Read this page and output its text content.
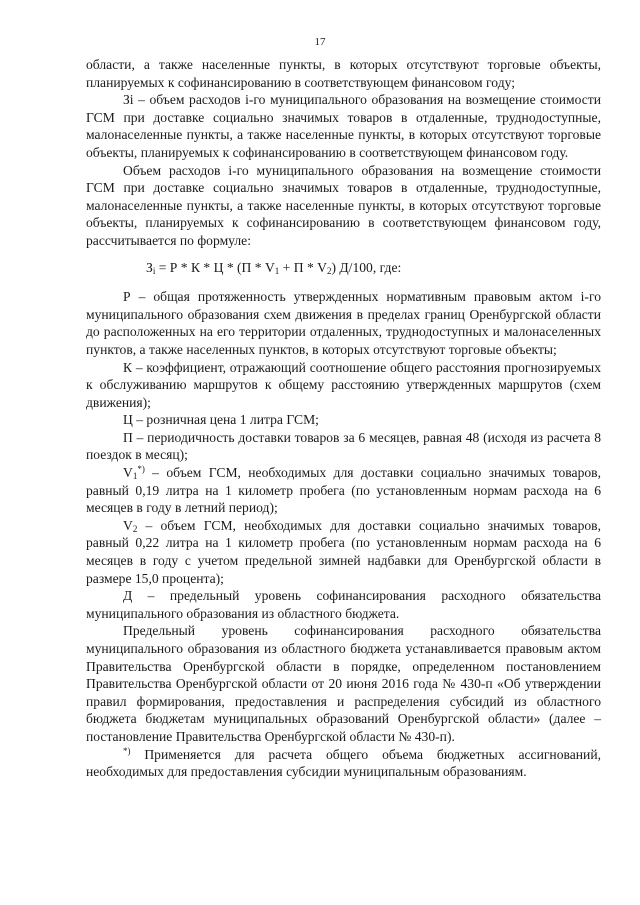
17

области, а также населенные пункты, в которых отсутствуют торговые объекты, планируемых к софинансированию в соответствующем финансовом году;

Зi – объем расходов i-го муниципального образования на возмещение стоимости ГСМ при доставке социально значимых товаров в отдаленные, труднодоступные, малонаселенные пункты, а также населенные пункты, в которых отсутствуют торговые объекты, планируемых к софинансированию в соответствующем финансовом году.

Объем расходов i-го муниципального образования на возмещение стоимости ГСМ при доставке социально значимых товаров в отдаленные, труднодоступные, малонаселенные пункты, а также населенные пункты, в которых отсутствуют торговые объекты, планируемых к софинансированию в соответствующем финансовом году, рассчитывается по формуле:

$З_i = Р * К * Ц * (П * V_1 + П * V_2)$ Д/100, где:

Р – общая протяженность утвержденных нормативным правовым актом i-го муниципального образования схем движения в пределах границ Оренбургской области до расположенных на его территории отдаленных, труднодоступных и малонаселенных пунктов, а также населенных пунктов, в которых отсутствуют торговые объекты;

К – коэффициент, отражающий соотношение общего расстояния прогнозируемых к обслуживанию маршрутов к общему расстоянию утвержденных маршрутов (схем движения);

Ц – розничная цена 1 литра ГСМ;

П – периодичность доставки товаров за 6 месяцев, равная 48 (исходя из расчета 8 поездок в месяц);

$V_1^{*)}$ – объем ГСМ, необходимых для доставки социально значимых товаров, равный 0,19 литра на 1 километр пробега (по установленным нормам расхода на 6 месяцев в году в летний период);

$V_2$ – объем ГСМ, необходимых для доставки социально значимых товаров, равный 0,22 литра на 1 километр пробега (по установленным нормам расхода на 6 месяцев в году с учетом предельной зимней надбавки для Оренбургской области в размере 15,0 процента);

Д – предельный уровень софинансирования расходного обязательства муниципального образования из областного бюджета.

Предельный уровень софинансирования расходного обязательства муниципального образования из областного бюджета устанавливается правовым актом Правительства Оренбургской области в порядке, определенном постановлением Правительства Оренбургской области от 20 июня 2016 года № 430-п «Об утверждении правил формирования, предоставления и распределения субсидий из областного бюджета бюджетам муниципальных образований Оренбургской области» (далее – постановление Правительства Оренбургской области № 430-п).

*) Применяется для расчета общего объема бюджетных ассигнований, необходимых для предоставления субсидии муниципальным образованиям.
